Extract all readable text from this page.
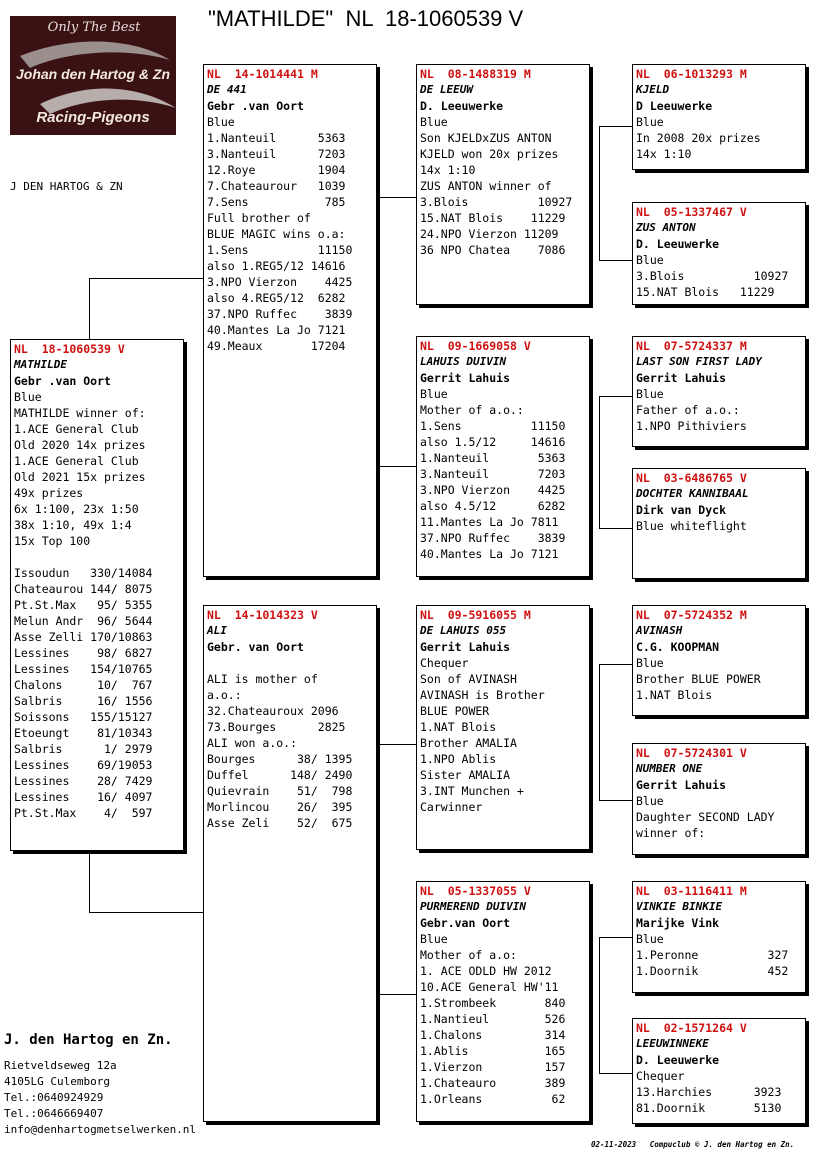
"MATHILDE"  NL  18-1060539 V
Only The Best
Johan den Hartog & Zn
Racing-Pigeons
J DEN HARTOG & ZN
NL  18-1060539 V
MATHILDE
Gebr .van Oort
Blue
MATHILDE winner of:
1.ACE General Club
Old 2020 14x prizes
1.ACE General Club
Old 2021 15x prizes
49x prizes
6x 1:100, 23x 1:50
38x 1:10, 49x 1:4
15x Top 100

Issoudun   330/14084
Chateaurou 144/ 8075
Pt.St.Max   95/ 5355
Melun Andr  96/ 5644
Asse Zelli 170/10863
Lessines    98/ 6827
Lessines   154/10765
Chalons     10/  767
Salbris     16/ 1556
Soissons   155/15127
Etoeungt    81/10343
Salbris      1/ 2979
Lessines    69/19053
Lessines    28/ 7429
Lessines    16/ 4097
Pt.St.Max    4/  597
NL  14-1014441 M
DE 441
Gebr .van Oort
Blue
1.Nanteuil      5363
3.Nanteuil      7203
12.Roye         1904
7.Chateaurour   1039
7.Sens           785
Full brother of
BLUE MAGIC wins o.a:
1.Sens          11150
also 1.REG5/12 14616
3.NPO Vierzon    4425
also 4.REG5/12  6282
37.NPO Ruffec    3839
40.Mantes La Jo 7121
49.Meaux       17204
NL  14-1014323 V
ALI
Gebr. van Oort

ALI is mother of
a.o.:
32.Chateauroux 2096
73.Bourges      2825
ALI won a.o.:
Bourges      38/ 1395
Duffel      148/ 2490
Quievrain    51/  798
Morlincou    26/  395
Asse Zeli    52/  675
NL  08-1488319 M
DE LEEUW
D. Leeuwerke
Blue
Son KJELDxZUS ANTON
KJELD won 20x prizes
14x 1:10
ZUS ANTON winner of
3.Blois          10927
15.NAT Blois    11229
24.NPO Vierzon 11209
36 NPO Chatea    7086
NL  09-1669058 V
LAHUIS DUIVIN
Gerrit Lahuis
Blue
Mother of a.o.:
1.Sens          11150
also 1.5/12     14616
1.Nanteuil       5363
3.Nanteuil       7203
3.NPO Vierzon    4425
also 4.5/12      6282
11.Mantes La Jo 7811
37.NPO Ruffec    3839
40.Mantes La Jo 7121
NL  09-5916055 M
DE LAHUIS 055
Gerrit Lahuis
Chequer
Son of AVINASH
AVINASH is Brother
BLUE POWER
1.NAT Blois
Brother AMALIA
1.NPO Ablis
Sister AMALIA
3.INT Munchen +
Carwinner
NL  05-1337055 V
PURMEREND DUIVIN
Gebr.van Oort
Blue
Mother of a.o:
1. ACE ODLD HW 2012
10.ACE General HW'11
1.Strombeek       840
1.Nantieul        526
1.Chalons         314
1.Ablis           165
1.Vierzon         157
1.Chateauro       389
1.Orleans          62
NL  06-1013293 M
KJELD
D Leeuwerke
Blue
In 2008 20x prizes
14x 1:10
NL  05-1337467 V
ZUS ANTON
D. Leeuwerke
Blue
3.Blois          10927
15.NAT Blois   11229
NL  07-5724337 M
LAST SON FIRST LADY
Gerrit Lahuis
Blue
Father of a.o.:
1.NPO Pithiviers
NL  03-6486765 V
DOCHTER KANNIBAAL
Dirk van Dyck
Blue whiteflight
NL  07-5724352 M
AVINASH
C.G. KOOPMAN
Blue
Brother BLUE POWER
1.NAT Blois
NL  07-5724301 V
NUMBER ONE
Gerrit Lahuis
Blue
Daughter SECOND LADY
winner of:
NL  03-1116411 M
VINKIE BINKIE
Marijke Vink
Blue
1.Peronne          327
1.Doornik          452
NL  02-1571264 V
LEEUWINNEKE
D. Leeuwerke
Chequer
13.Harchies      3923
81.Doornik       5130
J. den Hartog en Zn.
Rietveldseweg 12a
4105LG Culemborg
Tel.:0640924929
Tel.:0646669407
info@denhartogmetselwerken.nl
02-11-2023   Compuclub © J. den Hartog en Zn.
